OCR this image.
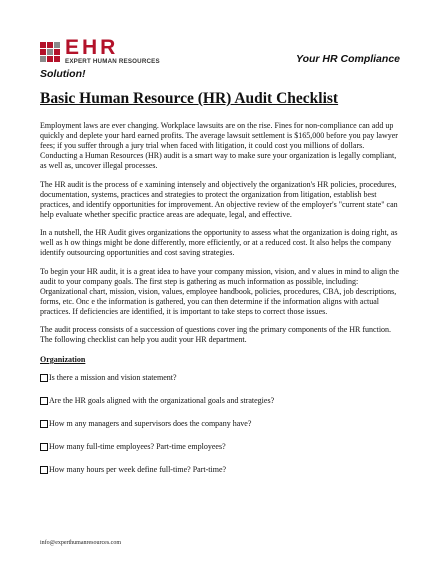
EHR
EXPERT HUMAN RESOURCES	Your HR Compliance
Solution!
Basic Human Resource (HR) Audit Checklist

Employment laws are ever changing. Workplace lawsuits are on the rise. Fines for non-compliance can add up quickly and deplete your hard earned profits. The average lawsuit settlement is $165,000 before you pay lawyer fees; if you suffer through a jury trial when faced with litigation, it could cost you millions of dollars. Conducting a Human Resources (HR) audit is a smart way to make sure your organization is legally compliant, as well as, uncover illegal processes.

The HR audit is the process of e xamining intensely and objectively the organization's HR policies, procedures, documentation, systems, practices and strategies to protect the organization from litigation, establish best practices, and identify opportunities for improvement. An objective review of the employer's "current state" can help evaluate whether specific practice areas are adequate, legal, and effective.

In a nutshell, the HR Audit gives organizations the opportunity to assess what the organization is doing right, as well as h ow things might be done differently, more efficiently, or at a reduced cost. It also helps the company identify outsourcing opportunities and cost saving strategies.

To begin your HR audit, it is a great idea to have your company mission, vision, and v alues in mind to align the audit to your company goals. The first step is gathering as much information as possible, including: Organizational chart, mission, vision, values, employee handbook, policies, procedures, CBA, job descriptions, forms, etc. Onc e the information is gathered, you can then determine if the information aligns with actual practices. If deficiencies are identified, it is important to take steps to correct those issues.

The audit process consists of a succession of questions cover ing the primary components of the HR function. The following checklist can help you audit your HR department.

Organization
Is there a mission and vision statement?
Are the HR goals aligned with the organizational goals and strategies?
How m any managers and supervisors does the company have?
How many full-time employees? Part-time employees?
How many hours per week define full-time? Part-time?
info@experthumanresources.com
